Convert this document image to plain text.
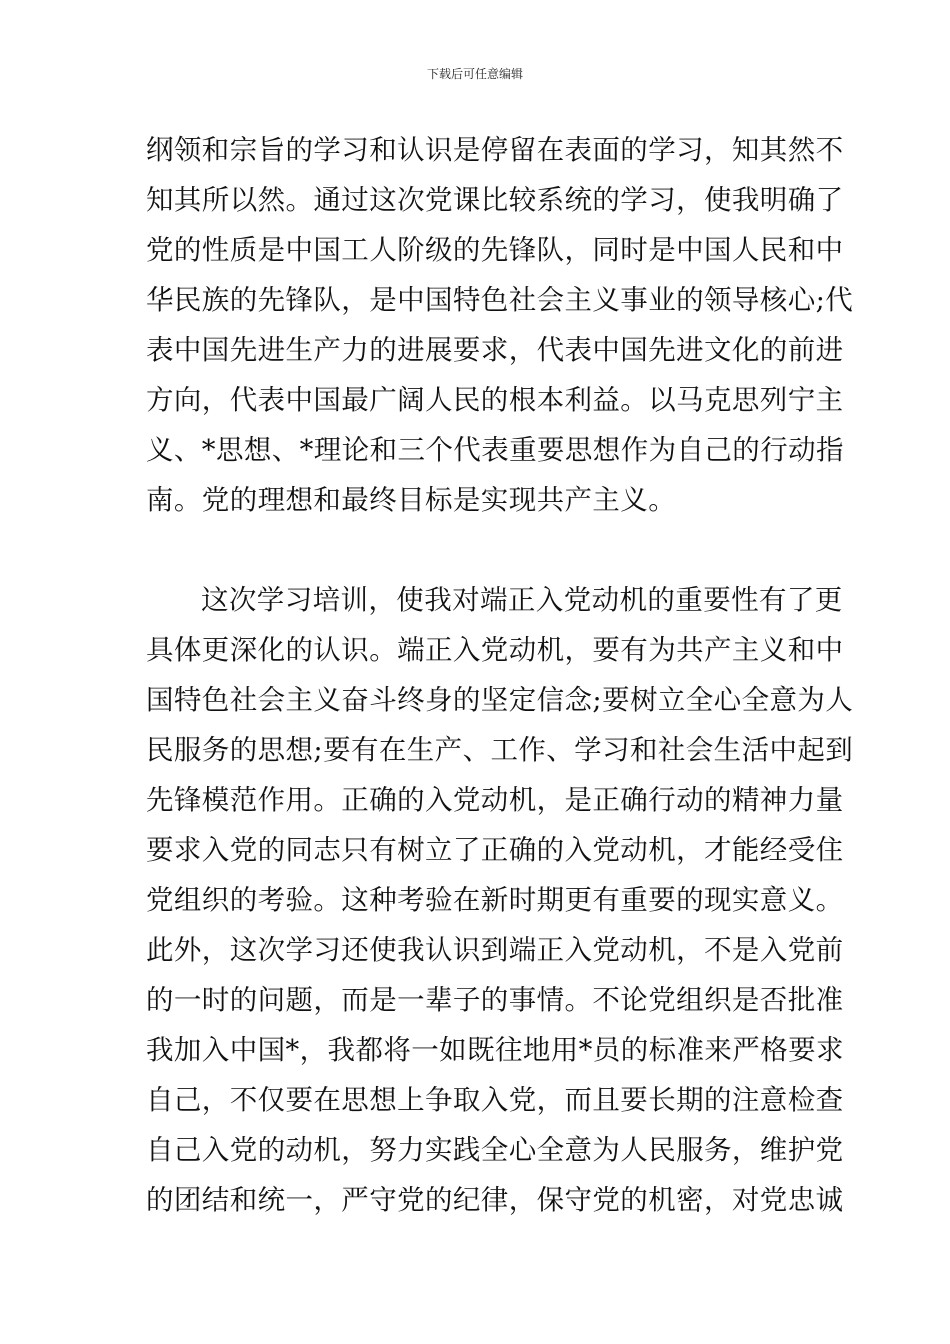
下载后可任意编辑
纲领和宗旨的学习和认识是停留在表面的学习，知其然不
知其所以然。通过这次党课比较系统的学习，使我明确了
党的性质是中国工人阶级的先锋队，同时是中国人民和中
华民族的先锋队，是中国特色社会主义事业的领导核心;代
表中国先进生产力的进展要求，代表中国先进文化的前进
方向，代表中国最广阔人民的根本利益。以马克思列宁主
义、*思想、*理论和三个代表重要思想作为自己的行动指
南。党的理想和最终目标是实现共产主义。
这次学习培训，使我对端正入党动机的重要性有了更
具体更深化的认识。端正入党动机，要有为共产主义和中
国特色社会主义奋斗终身的坚定信念;要树立全心全意为人
民服务的思想;要有在生产、工作、学习和社会生活中起到
先锋模范作用。正确的入党动机，是正确行动的精神力量
要求入党的同志只有树立了正确的入党动机，才能经受住
党组织的考验。这种考验在新时期更有重要的现实意义。
此外，这次学习还使我认识到端正入党动机，不是入党前
的一时的问题，而是一辈子的事情。不论党组织是否批准
我加入中国*，我都将一如既往地用*员的标准来严格要求
自己，不仅要在思想上争取入党，而且要长期的注意检查
自己入党的动机，努力实践全心全意为人民服务，维护党
的团结和统一，严守党的纪律，保守党的机密，对党忠诚
